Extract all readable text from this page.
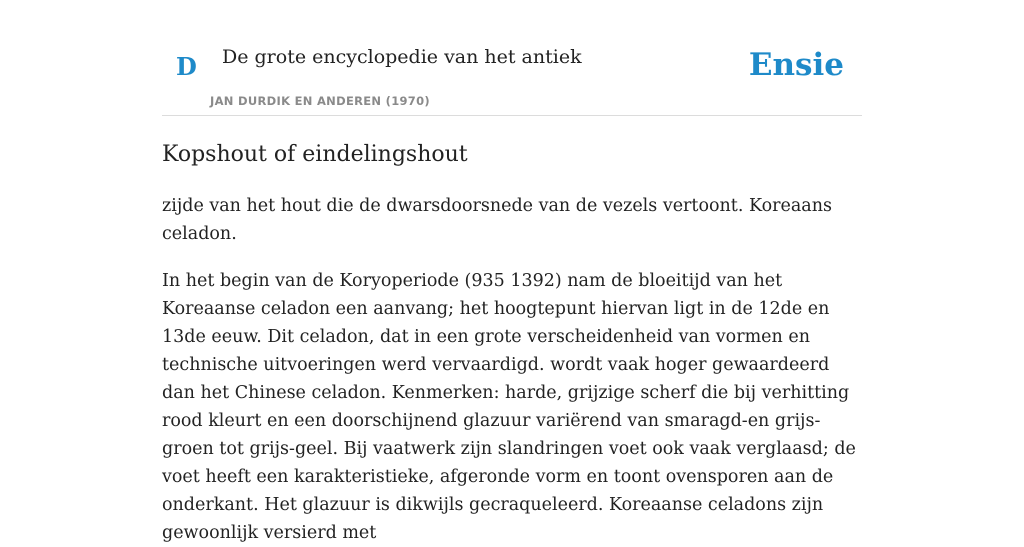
D De grote encyclopedie van het antiek
JAN DURDIK EN ANDEREN (1970)
Ensie
Kopshout of eindelingshout

zijde van het hout die de dwarsdoorsnede van de vezels vertoont. Koreaans celadon.

In het begin van de Koryoperiode (935 1392) nam de bloeitijd van het Koreaanse celadon een aanvang; het hoogtepunt hiervan ligt in de 12de en 13de eeuw. Dit celadon, dat in een grote verscheidenheid van vormen en technische uitvoeringen werd vervaardigd. wordt vaak hoger gewaardeerd dan het Chinese celadon. Kenmerken: harde, grijzige scherf die bij verhitting rood kleurt en een doorschijnend glazuur variërend van smaragd-en grijs-groen tot grijs-geel. Bij vaatwerk zijn slandringen voet ook vaak verglaasd; de voet heeft een karakteristieke, afgeronde vorm en toont ovensporen aan de onderkant. Het glazuur is dikwijls gecraqueleerd. Koreaanse celadons zijn gewoonlijk versierd met
